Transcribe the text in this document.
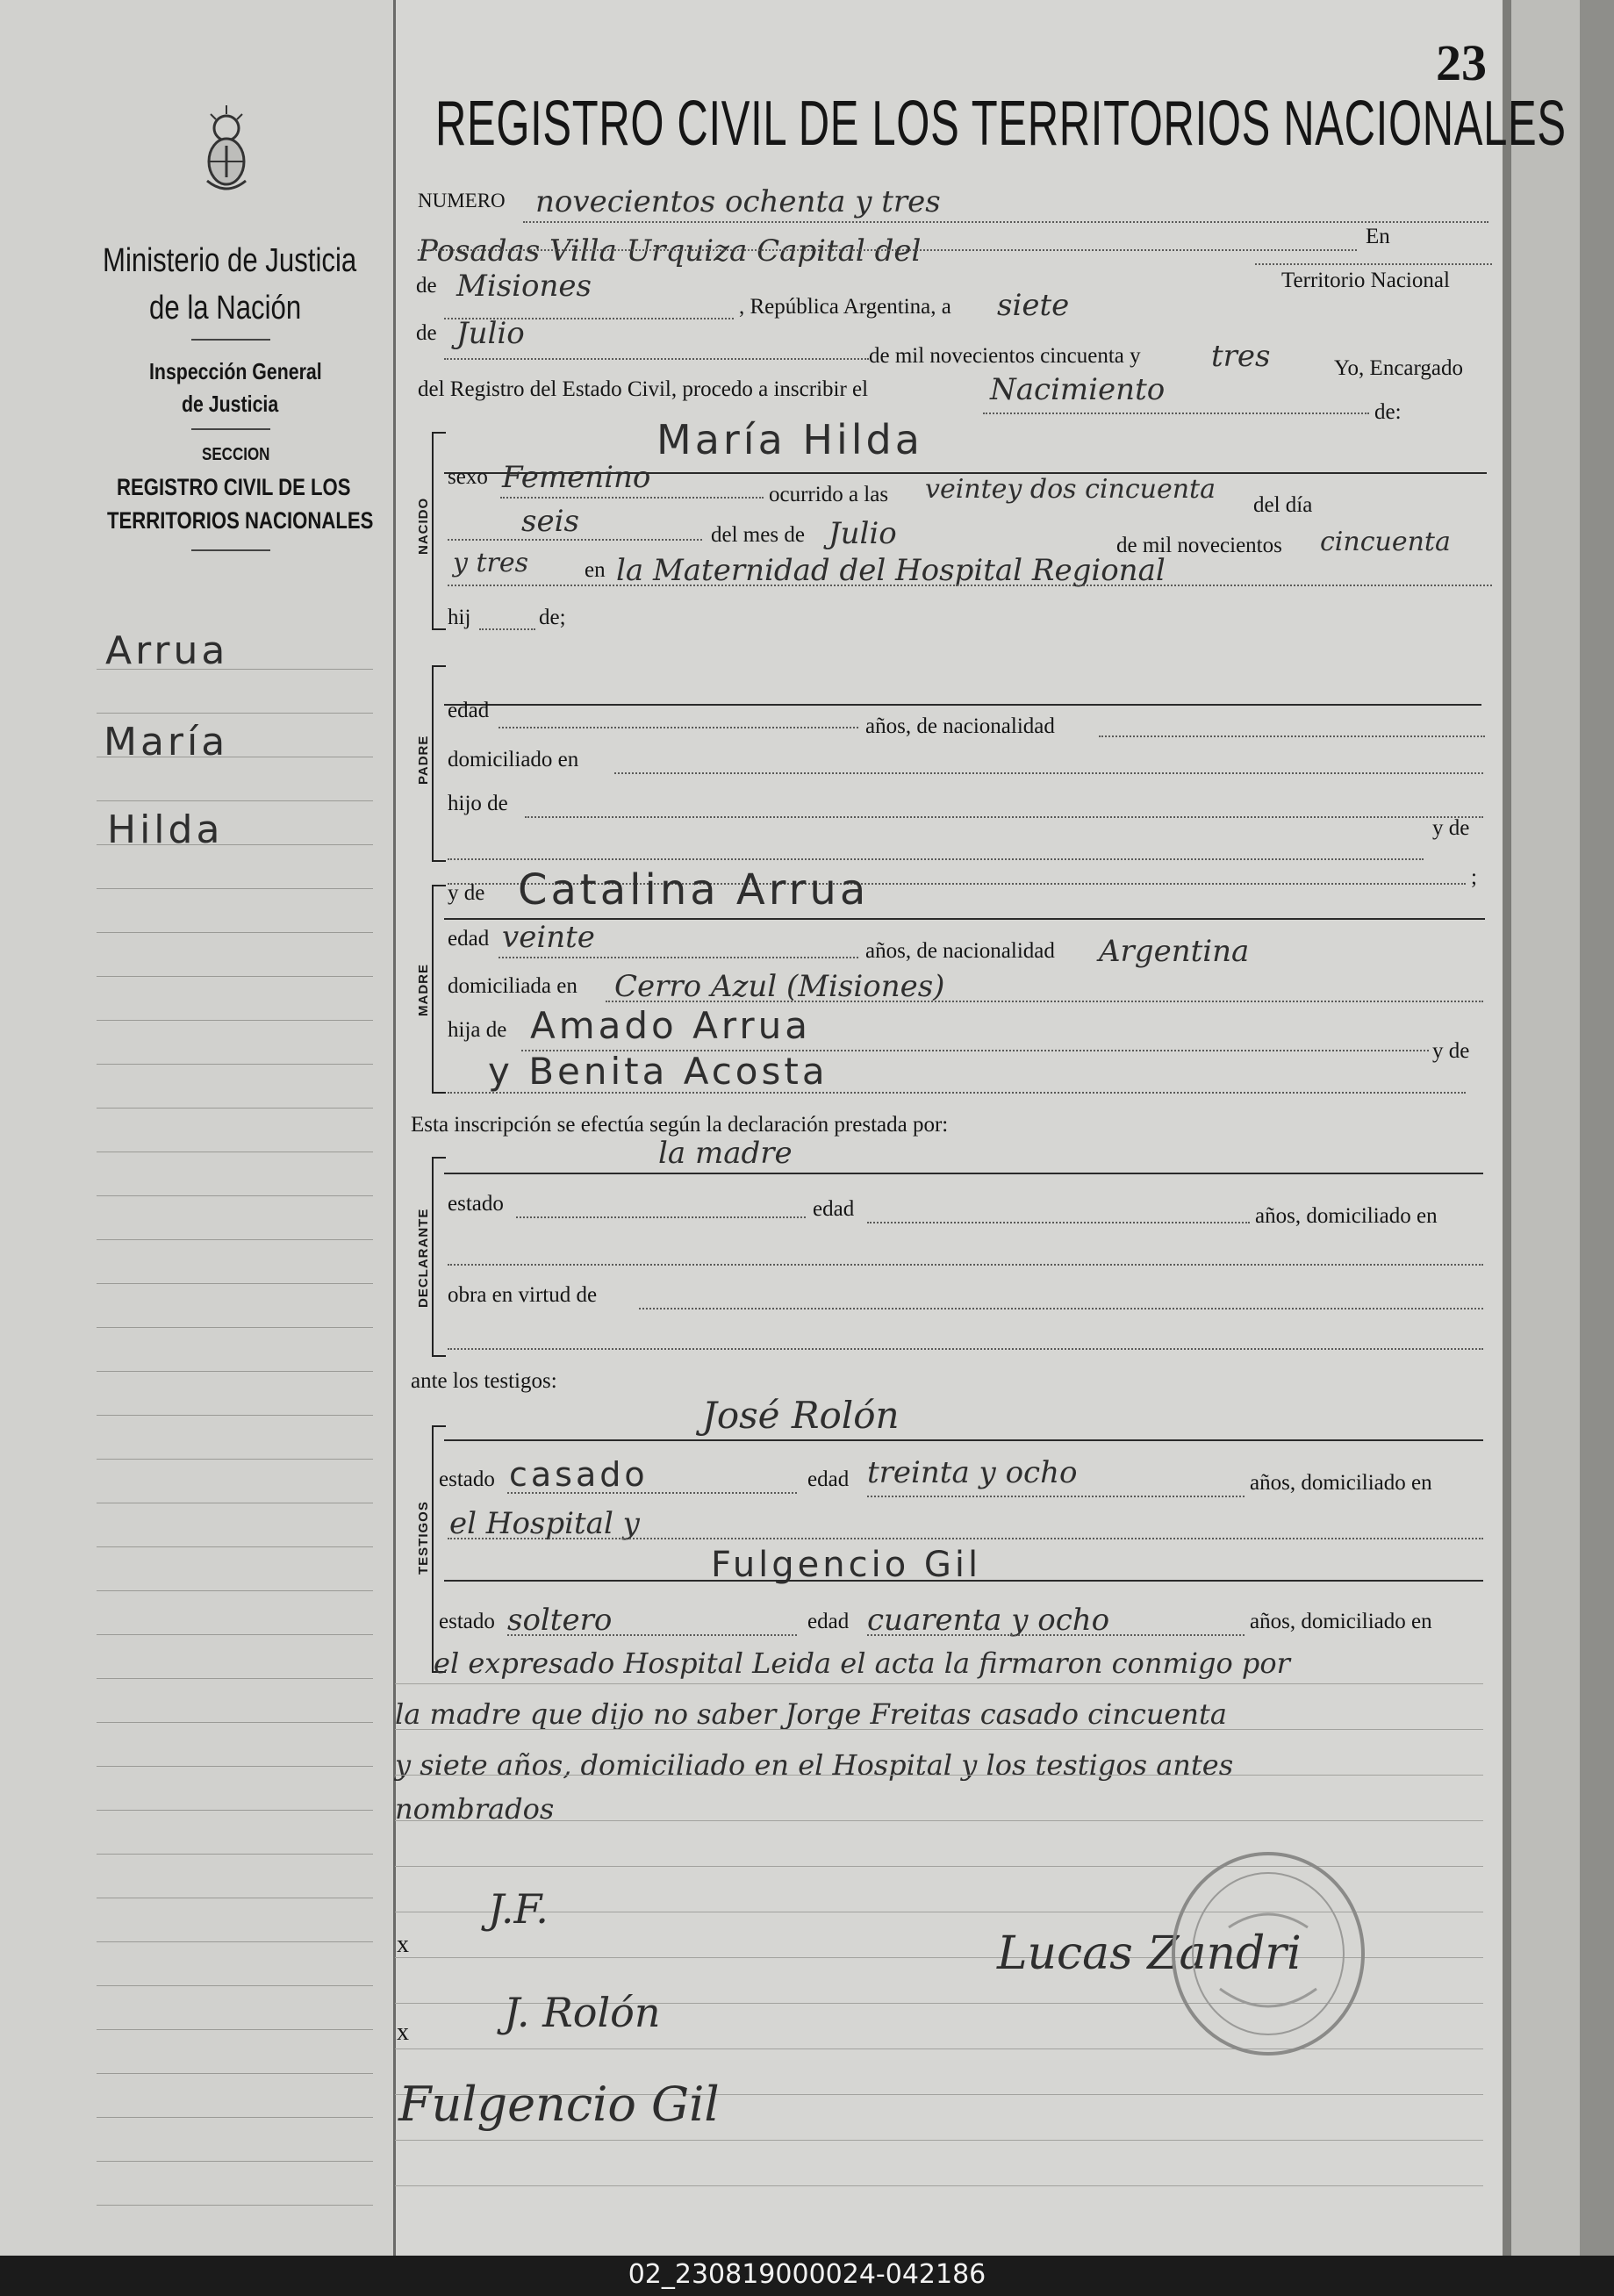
Ministerio de Justicia
de la Nación
Inspección General
de Justicia
SECCION
REGISTRO CIVIL DE LOS
TERRITORIOS NACIONALES
Arrua
María
Hilda
23
REGISTRO CIVIL DE LOS TERRITORIOS NACIONALES
NUMERO novecientos ochenta y tres
Posadas Villa Urquiza Capital del	En
de Misiones
, República Argentina, a siete
Territorio Nacional
de Julio
de mil novecientos cincuenta y tres	Yo, Encargado
del Registro del Estado Civil, procedo a inscribir el	Nacimiento
de:
NACIDO
María Hilda
sexo Femenino	ocurrido a las veintey dos cincuenta
del día
seis	del mes de Julio	de mil novecientos cincuenta
y tres	en la Maternidad del Hospital Regional
hij	de;
PADRE
edad
años, de nacionalidad
domiciliado en
hijo de
y de
;
MADRE
y de Catalina Arrua
edad veinte	años, de nacionalidad Argentina
domiciliada en Cerro Azul (Misiones)
hija de Amado Arrua
y de
y Benita Acosta
Esta inscripción se efectúa según la declaración prestada por:
la madre
DECLARANTE
estado	edad	años, domiciliado en
obra en virtud de
ante los testigos:
José Rolón
TESTIGOS
estado casado	edad treinta y ocho	años, domiciliado en
el Hospital y
Fulgencio Gil
estado soltero	edad cuarenta y ocho	años, domiciliado en
el expresado Hospital Leida el acta la firmaron conmigo por
la madre que dijo no saber Jorge Freitas casado cincuenta
y siete años, domiciliado en el Hospital y los testigos antes
nombrados
x
J.F.
x J. Rolón
Fulgencio Gil
Lucas Zandri
02_230819000024-042186
